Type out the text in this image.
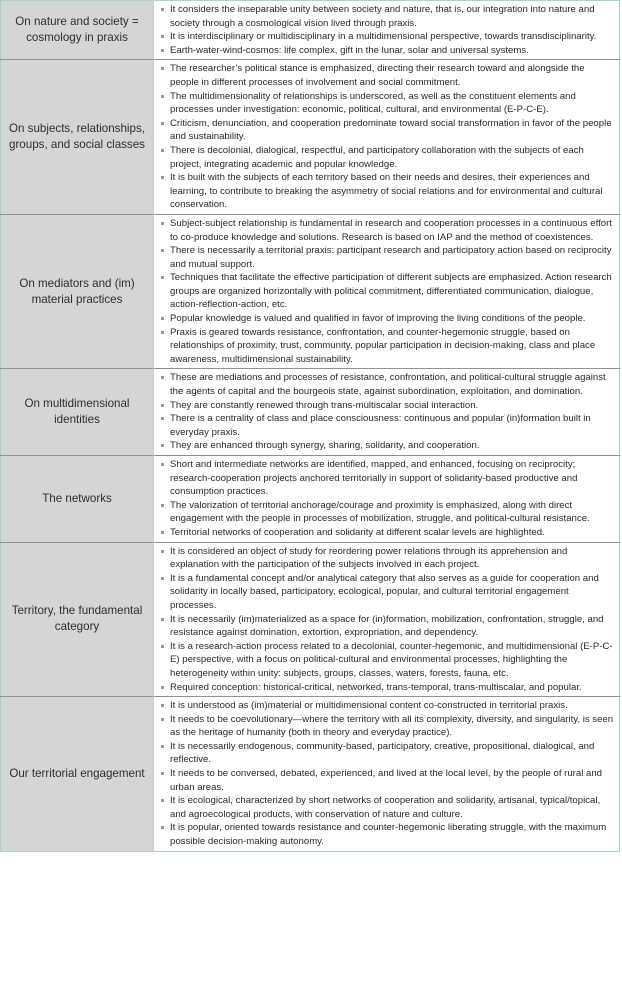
On nature and society = cosmology in praxis	
It considers the inseparable unity between society and nature, that is, our integration into nature and society through a cosmological vision lived through praxis.
It is interdisciplinary or multidisciplinary in a multidimensional perspective, towards transdisciplinarity.
Earth-water-wind-cosmos: life complex, gift in the lunar, solar and universal systems.

On subjects, relationships, groups, and social classes	
The researcher’s political stance is emphasized, directing their research toward and alongside the people in different processes of involvement and social commitment.
The multidimensionality of relationships is underscored, as well as the constituent elements and processes under investigation: economic, political, cultural, and environmental (E-P-C-E).
Criticism, denunciation, and cooperation predominate toward social transformation in favor of the people and sustainability.
There is decolonial, dialogical, respectful, and participatory collaboration with the subjects of each project, integrating academic and popular knowledge.
It is built with the subjects of each territory based on their needs and desires, their experiences and learning, to contribute to breaking the asymmetry of social relations and for environmental and cultural conservation.

On mediators and (im) material practices	
Subject-subject relationship is fundamental in research and cooperation processes in a continuous effort to co-produce knowledge and solutions. Research is based on IAP and the method of coexistences.
There is necessarily a territorial praxis: participant research and participatory action based on reciprocity and mutual support.
Techniques that facilitate the effective participation of different subjects are emphasized. Action research groups are organized horizontally with political commitment, differentiated communication, dialogue, action-reflection-action, etc.
Popular knowledge is valued and qualified in favor of improving the living conditions of the people.
Praxis is geared towards resistance, confrontation, and counter-hegemonic struggle, based on relationships of proximity, trust, community, popular participation in decision-making, class and place awareness, multidimensional sustainability.

On multidimensional identities	
These are mediations and processes of resistance, confrontation, and political-cultural struggle against the agents of capital and the bourgeois state, against subordination, exploitation, and domination.
They are constantly renewed through trans-multiscalar social interaction.
There is a centrality of class and place consciousness: continuous and popular (in)formation built in everyday praxis.
They are enhanced through synergy, sharing, solidarity, and cooperation.

The networks	
Short and intermediate networks are identified, mapped, and enhanced, focusing on reciprocity; research-cooperation projects anchored territorially in support of solidarity-based productive and consumption practices.
The valorization of territorial anchorage/courage and proximity is emphasized, along with direct engagement with the people in processes of mobilization, struggle, and political-cultural resistance.
Territorial networks of cooperation and solidarity at different scalar levels are highlighted.

Territory, the fundamental category	
It is considered an object of study for reordering power relations through its apprehension and explanation with the participation of the subjects involved in each project.
It is a fundamental concept and/or analytical category that also serves as a guide for cooperation and solidarity in locally based, participatory, ecological, popular, and cultural territorial engagement processes.
It is necessarily (im)materialized as a space for (in)formation, mobilization, confrontation, struggle, and resistance against domination, extortion, expropriation, and dependency.
It is a research-action process related to a decolonial, counter-hegemonic, and multidimensional (E-P-C-E) perspective, with a focus on political-cultural and environmental processes, highlighting the heterogeneity within unity: subjects, groups, classes, waters, forests, fauna, etc.
Required conception: historical-critical, networked, trans-temporal, trans-multiscalar, and popular.

Our territorial engagement	
It is understood as (im)material or multidimensional content co-constructed in territorial praxis.
It needs to be coevolutionary—where the territory with all its complexity, diversity, and singularity, is seen as the heritage of humanity (both in theory and everyday practice).
It is necessarily endogenous, community-based, participatory, creative, propositional, dialogical, and reflective.
It needs to be conversed, debated, experienced, and lived at the local level, by the people of rural and urban areas.
It is ecological, characterized by short networks of cooperation and solidarity, artisanal, typical/topical, and agroecological products, with conservation of nature and culture.
It is popular, oriented towards resistance and counter-hegemonic liberating struggle, with the maximum possible decision-making autonomy.
